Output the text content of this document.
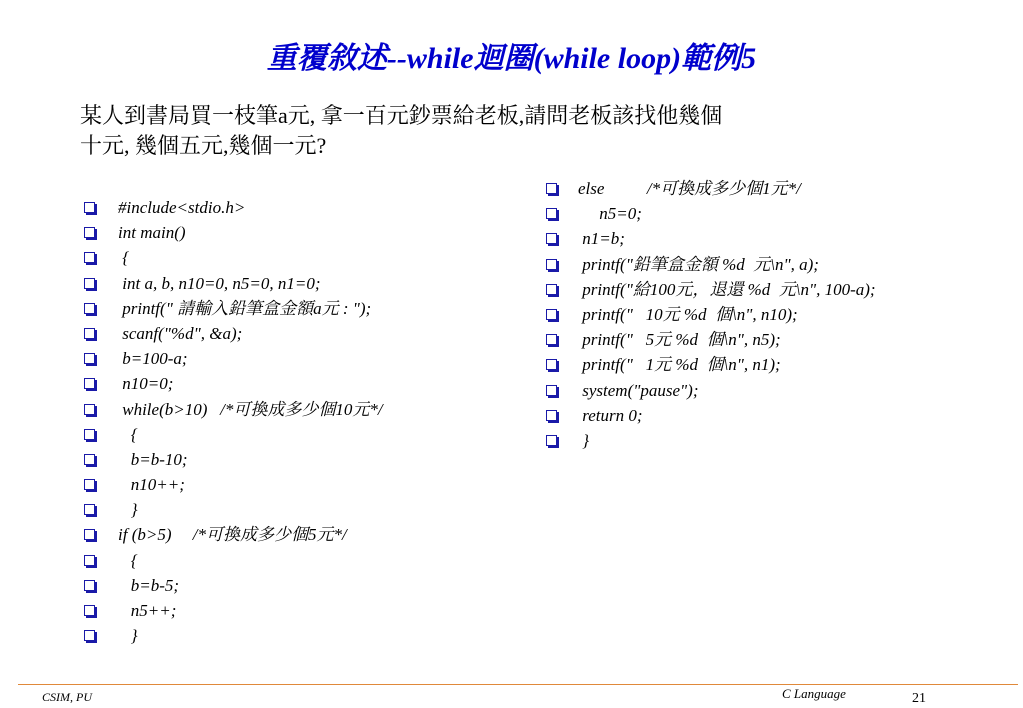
重覆敘述--while迴圈(while loop)範例5
某人到書局買一枝筆a元, 拿一百元鈔票給老板,請問老板該找他幾個
十元, 幾個五元,幾個一元?
#include<stdio.h>
int main()
{
int a, b, n10=0, n5=0, n1=0;
printf(" 請輸入鉛筆盒金額a元 : ");
scanf("%d", &a);
b=100-a;
n10=0;
while(b>10)   /*可換成多少個10元*/
{
b=b-10;
n10++;
}
if (b>5)     /*可換成多少個5元*/
{
b=b-5;
n5++;
}
else          /*可換成多少個1元*/
n5=0;
n1=b;
printf("鉛筆盒金額 %d  元\n", a);
printf("給100元，退還 %d  元\n", 100-a);
printf("   10元 %d  個\n", n10);
printf("   5元 %d  個\n", n5);
printf("   1元 %d  個\n", n1);
system("pause");
return 0;
}
CSIM, PU	C Language	21
